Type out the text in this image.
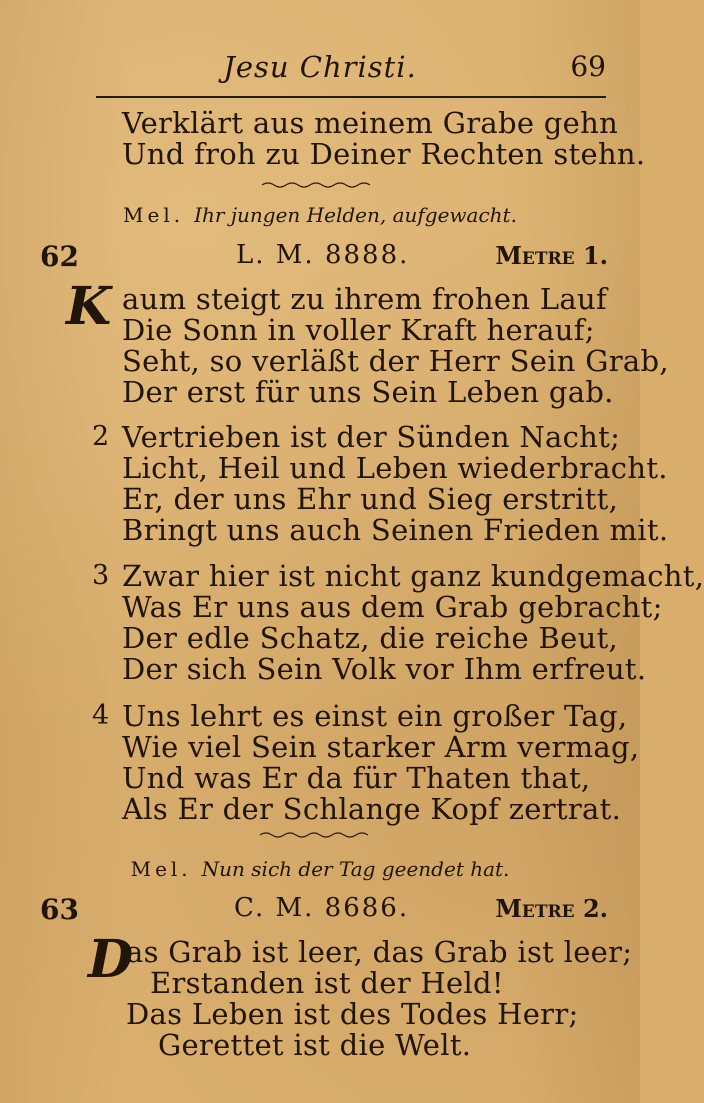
Jesu Christi.	69
Verklärt aus meinem Grabe gehn
Und froh zu Deiner Rechten stehn.
Mel. Ihr jungen Helden, aufgewacht.
62	L. M. 8888.	Metre 1.
K aum steigt zu ihrem frohen Lauf
Die Sonn in voller Kraft herauf;
Seht, so verläßt der Herr Sein Grab,
Der erst für uns Sein Leben gab.
2 Vertrieben ist der Sünden Nacht;
Licht, Heil und Leben wiederbracht.
Er, der uns Ehr und Sieg erstritt,
Bringt uns auch Seinen Frieden mit.
3 Zwar hier ist nicht ganz kundgemacht,
Was Er uns aus dem Grab gebracht;
Der edle Schatz, die reiche Beut,
Der sich Sein Volk vor Ihm erfreut.
4 Uns lehrt es einst ein großer Tag,
Wie viel Sein starker Arm vermag,
Und was Er da für Thaten that,
Als Er der Schlange Kopf zertrat.
Mel. Nun sich der Tag geendet hat.
63	C. M. 8686.	Metre 2.
D
as Grab ist leer, das Grab ist leer;
Erstanden ist der Held!
Das Leben ist des Todes Herr;
Gerettet ist die Welt.
